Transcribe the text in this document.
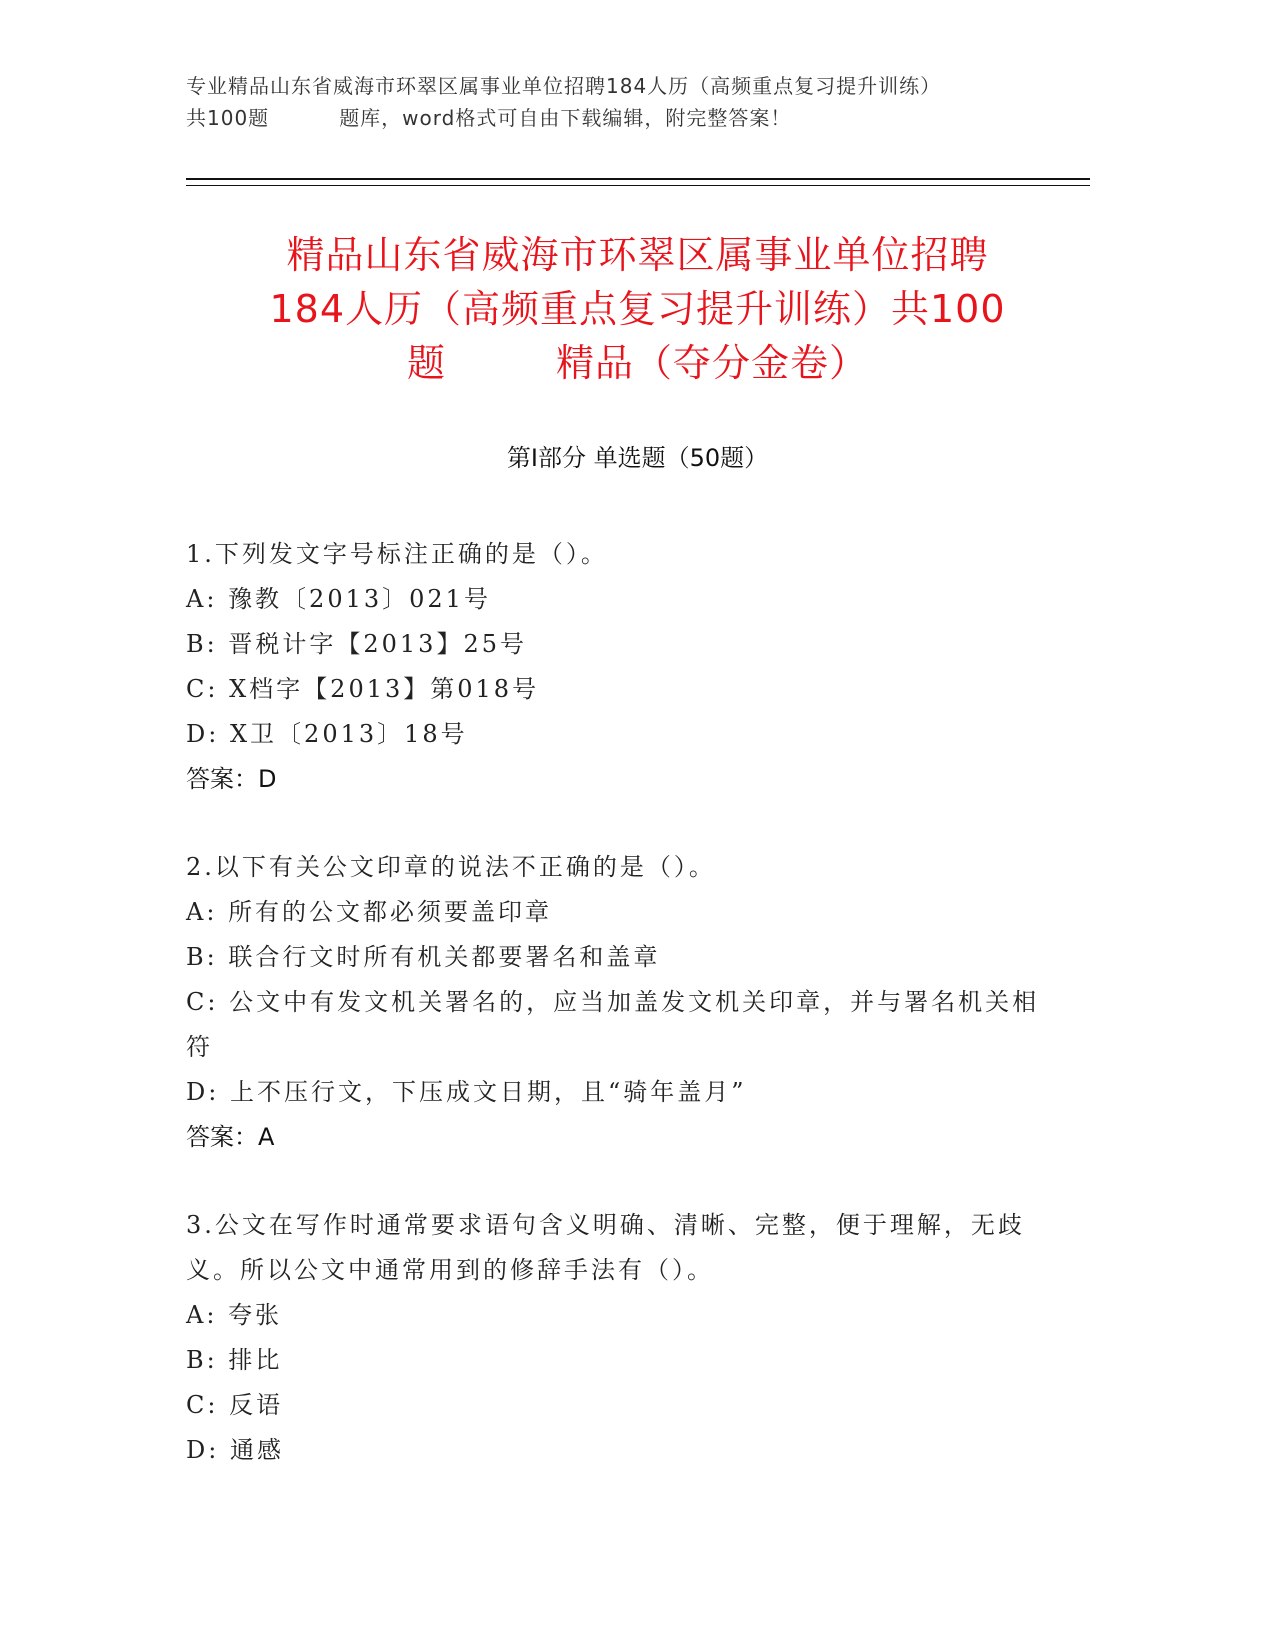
专业精品山东省威海市环翠区属事业单位招聘184人历（高频重点复习提升训练）
共100题	题库，word格式可自由下载编辑，附完整答案！
精品山东省威海市环翠区属事业单位招聘
184人历（高频重点复习提升训练）共100
题	精品（夺分金卷）
第Ⅰ部分 单选题（50题）
1.下列发文字号标注正确的是（）。
A: 豫教〔2013〕021号
B: 晋税计字【2013】25号
C: X档字【2013】第018号
D: X卫〔2013〕18号
答案：D
2.以下有关公文印章的说法不正确的是（）。
A: 所有的公文都必须要盖印章
B: 联合行文时所有机关都要署名和盖章
C: 公文中有发文机关署名的，应当加盖发文机关印章，并与署名机关相符
D: 上不压行文，下压成文日期，且“骑年盖月”
答案：A
3.公文在写作时通常要求语句含义明确、清晰、完整，便于理解，无歧义。所以公文中通常用到的修辞手法有（）。
A: 夸张
B: 排比
C: 反语
D: 通感
